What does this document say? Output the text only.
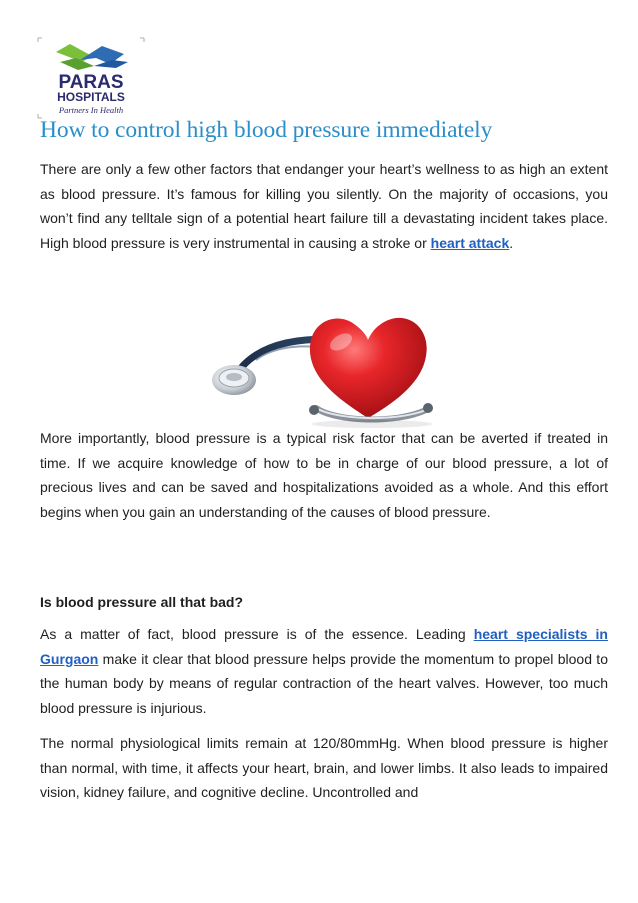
PARAS
HOSPITALS
Partners In Health
How to control high blood pressure immediately

There are only a few other factors that endanger your heart’s wellness to as high an extent as blood pressure. It’s famous for killing you silently. On the majority of occasions, you won’t find any telltale sign of a potential heart failure till a devastating incident takes place. High blood pressure is very instrumental in causing a stroke or heart attack.

More importantly, blood pressure is a typical risk factor that can be averted if treated in time. If we acquire knowledge of how to be in charge of our blood pressure, a lot of precious lives and can be saved and hospitalizations avoided as a whole. And this effort begins when you gain an understanding of the causes of blood pressure.

Is blood pressure all that bad?

As a matter of fact, blood pressure is of the essence. Leading heart specialists in Gurgaon make it clear that blood pressure helps provide the momentum to propel blood to the human body by means of regular contraction of the heart valves. However, too much blood pressure is injurious.

The normal physiological limits remain at 120/80mmHg. When blood pressure is higher than normal, with time, it affects your heart, brain, and lower limbs. It also leads to impaired vision, kidney failure, and cognitive decline. Uncontrolled and
